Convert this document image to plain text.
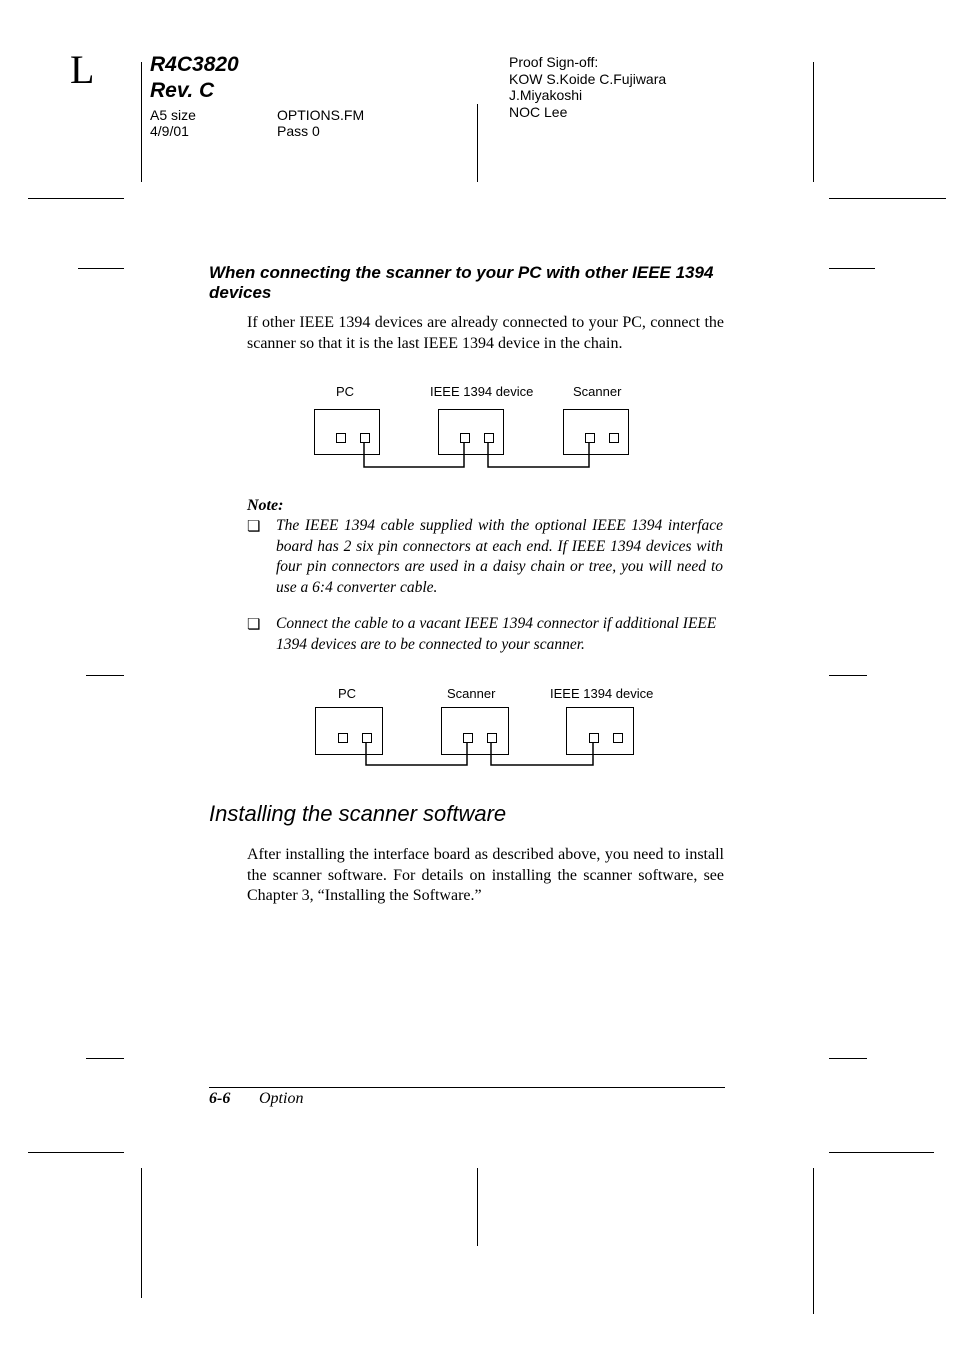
L	R4C3820
Rev. C
A5 size
4/9/01
OPTIONS.FM
Pass 0
Proof Sign-off:
KOW S.Koide C.Fujiwara
J.Miyakoshi
NOC Lee
When connecting the scanner to your PC with other IEEE 1394 devices
If other IEEE 1394 devices are already connected to your PC, connect the scanner so that it is the last IEEE 1394 device in the chain.
PC	IEEE 1394 device	Scanner
Note:
❏ The IEEE 1394 cable supplied with the optional IEEE 1394 interface board has 2 six pin connectors at each end. If IEEE 1394 devices with four pin connectors are used in a daisy chain or tree, you will need to use a 6:4 converter cable.
❏ Connect the cable to a vacant IEEE 1394 connector if additional IEEE 1394 devices are to be connected to your scanner.
PC	Scanner	IEEE 1394 device
Installing the scanner software
After installing the interface board as described above, you need to install the scanner software. For details on installing the scanner software, see Chapter 3, “Installing the Software.”
6-6 Option
